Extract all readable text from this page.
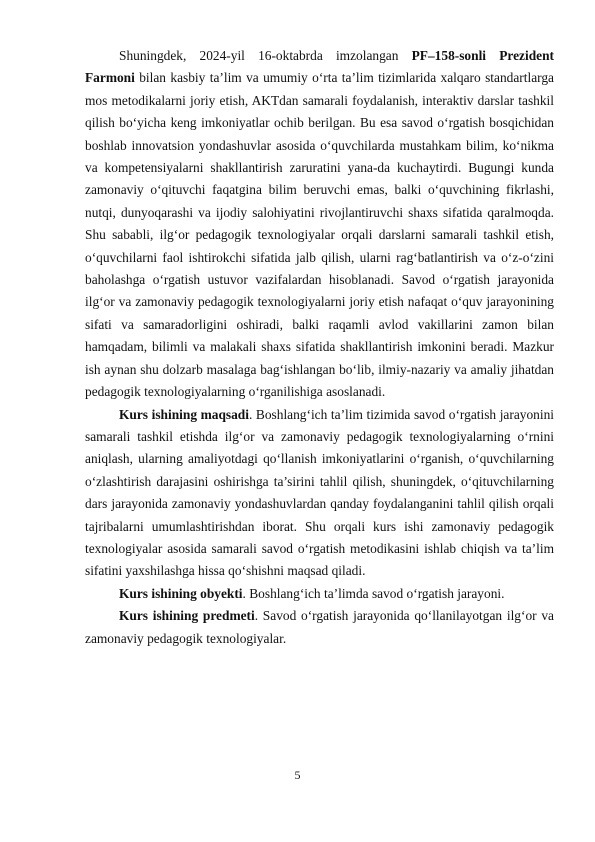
Shuningdek, 2024-yil 16-oktabrda imzolangan PF–158-sonli Prezident Farmoni bilan kasbiy ta’lim va umumiy o‘rta ta’lim tizimlarida xalqaro standartlarga mos metodikalarni joriy etish, AKTdan samarali foydalanish, interaktiv darslar tashkil qilish bo‘yicha keng imkoniyatlar ochib berilgan. Bu esa savod o‘rgatish bosqichidan boshlab innovatsion yondashuvlar asosida o‘quvchilarda mustahkam bilim, ko‘nikma va kompetensiyalarni shakllantirish zaruratini yana-da kuchaytirdi. Bugungi kunda zamonaviy o‘qituvchi faqatgina bilim beruvchi emas, balki o‘quvchining fikrlashi, nutqi, dunyoqarashi va ijodiy salohiyatini rivojlantiruvchi shaxs sifatida qaralmoqda. Shu sababli, ilg‘or pedagogik texnologiyalar orqali darslarni samarali tashkil etish, o‘quvchilarni faol ishtirokchi sifatida jalb qilish, ularni rag‘batlantirish va o‘z-o‘zini baholashga o‘rgatish ustuvor vazifalardan hisoblanadi. Savod o‘rgatish jarayonida ilg‘or va zamonaviy pedagogik texnologiyalarni joriy etish nafaqat o‘quv jarayonining sifati va samaradorligini oshiradi, balki raqamli avlod vakillarini zamon bilan hamqadam, bilimli va malakali shaxs sifatida shakllantirish imkonini beradi. Mazkur ish aynan shu dolzarb masalaga bag‘ishlangan bo‘lib, ilmiy-nazariy va amaliy jihatdan pedagogik texnologiyalarning o‘rganilishiga asoslanadi.

Kurs ishining maqsadi. Boshlang‘ich ta’lim tizimida savod o‘rgatish jarayonini samarali tashkil etishda ilg‘or va zamonaviy pedagogik texnologiyalarning o‘rnini aniqlash, ularning amaliyotdagi qo‘llanish imkoniyatlarini o‘rganish, o‘quvchilarning o‘zlashtirish darajasini oshirishga ta’sirini tahlil qilish, shuningdek, o‘qituvchilarning dars jarayonida zamonaviy yondashuvlardan qanday foydalanganini tahlil qilish orqali tajribalarni umumlashtirishdan iborat. Shu orqali kurs ishi zamonaviy pedagogik texnologiyalar asosida samarali savod o‘rgatish metodikasini ishlab chiqish va ta’lim sifatini yaxshilashga hissa qo‘shishni maqsad qiladi.

Kurs ishining obyekti. Boshlang‘ich ta’limda savod o‘rgatish jarayoni.

Kurs ishining predmeti. Savod o‘rgatish jarayonida qo‘llanilayotgan ilg‘or va zamonaviy pedagogik texnologiyalar.

5
